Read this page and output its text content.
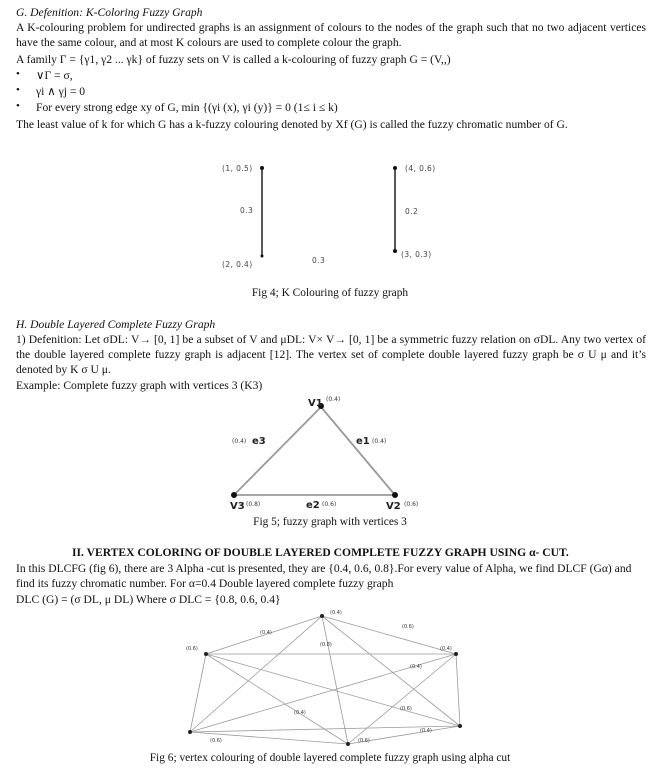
G. Defenition: K-Coloring Fuzzy Graph

A K-colouring problem for undirected graphs is an assignment of colours to the nodes of the graph such that no two adjacent vertices have the same colour, and at most K colours are used to complete colour the graph.

A family Γ = {γ1, γ2 ... γk} of fuzzy sets on V is called a k-colouring of fuzzy graph G = (V,,)

• ∨Γ = σ,
• γi ∧ γj = 0
• For every strong edge xy of G, min {(γi (x), γi (y)} = 0 (1≤ i ≤ k)

The least value of k for which G has a k-fuzzy colouring denoted by Xf (G) is called the fuzzy chromatic number of G.

(1, 0.5)
(2, 0.4)
(4, 0.6)
(3, 0.3)
0.3	0.2
0.3
Fig 4; K Colouring of fuzzy graph
H. Double Layered Complete Fuzzy Graph

1) Defenition: Let σDL: V→ [0, 1] be a subset of V and μDL: V× V→ [0, 1] be a symmetric fuzzy relation on σDL. Any two vertex of the double layered complete fuzzy graph is adjacent [12]. The vertex set of complete double layered fuzzy graph be σ U μ and it’s denoted by K σ U μ.

Example: Complete fuzzy graph with vertices 3 (K3)

V1 (0.4)
V3 (0.8)	V2 (0.6)
(0.4) e3	e1 (0.4)
e2 (0.6)
Fig 5; fuzzy graph with vertices 3
II. VERTEX COLORING OF DOUBLE LAYERED COMPLETE FUZZY GRAPH USING α- CUT.

In this DLCFG (fig 6), there are 3 Alpha -cut is presented, they are {0.4, 0.6, 0.8}.For every value of Alpha, we find DLCF (Gα) and find its fuzzy chromatic number. For α=0.4 Double layered complete fuzzy graph

DLC (G) = (σ DL, μ DL) Where σ DLC = {0.8, 0.6, 0.4}

(0.4)
(0.6)
(0.4)
(0.6)
(0.4)
(0.8)
(0.4)
(0.6)
(0.4)
(0.6)
(0.4)
(0.6)
Fig 6; vertex colouring of double layered complete fuzzy graph using alpha cut
